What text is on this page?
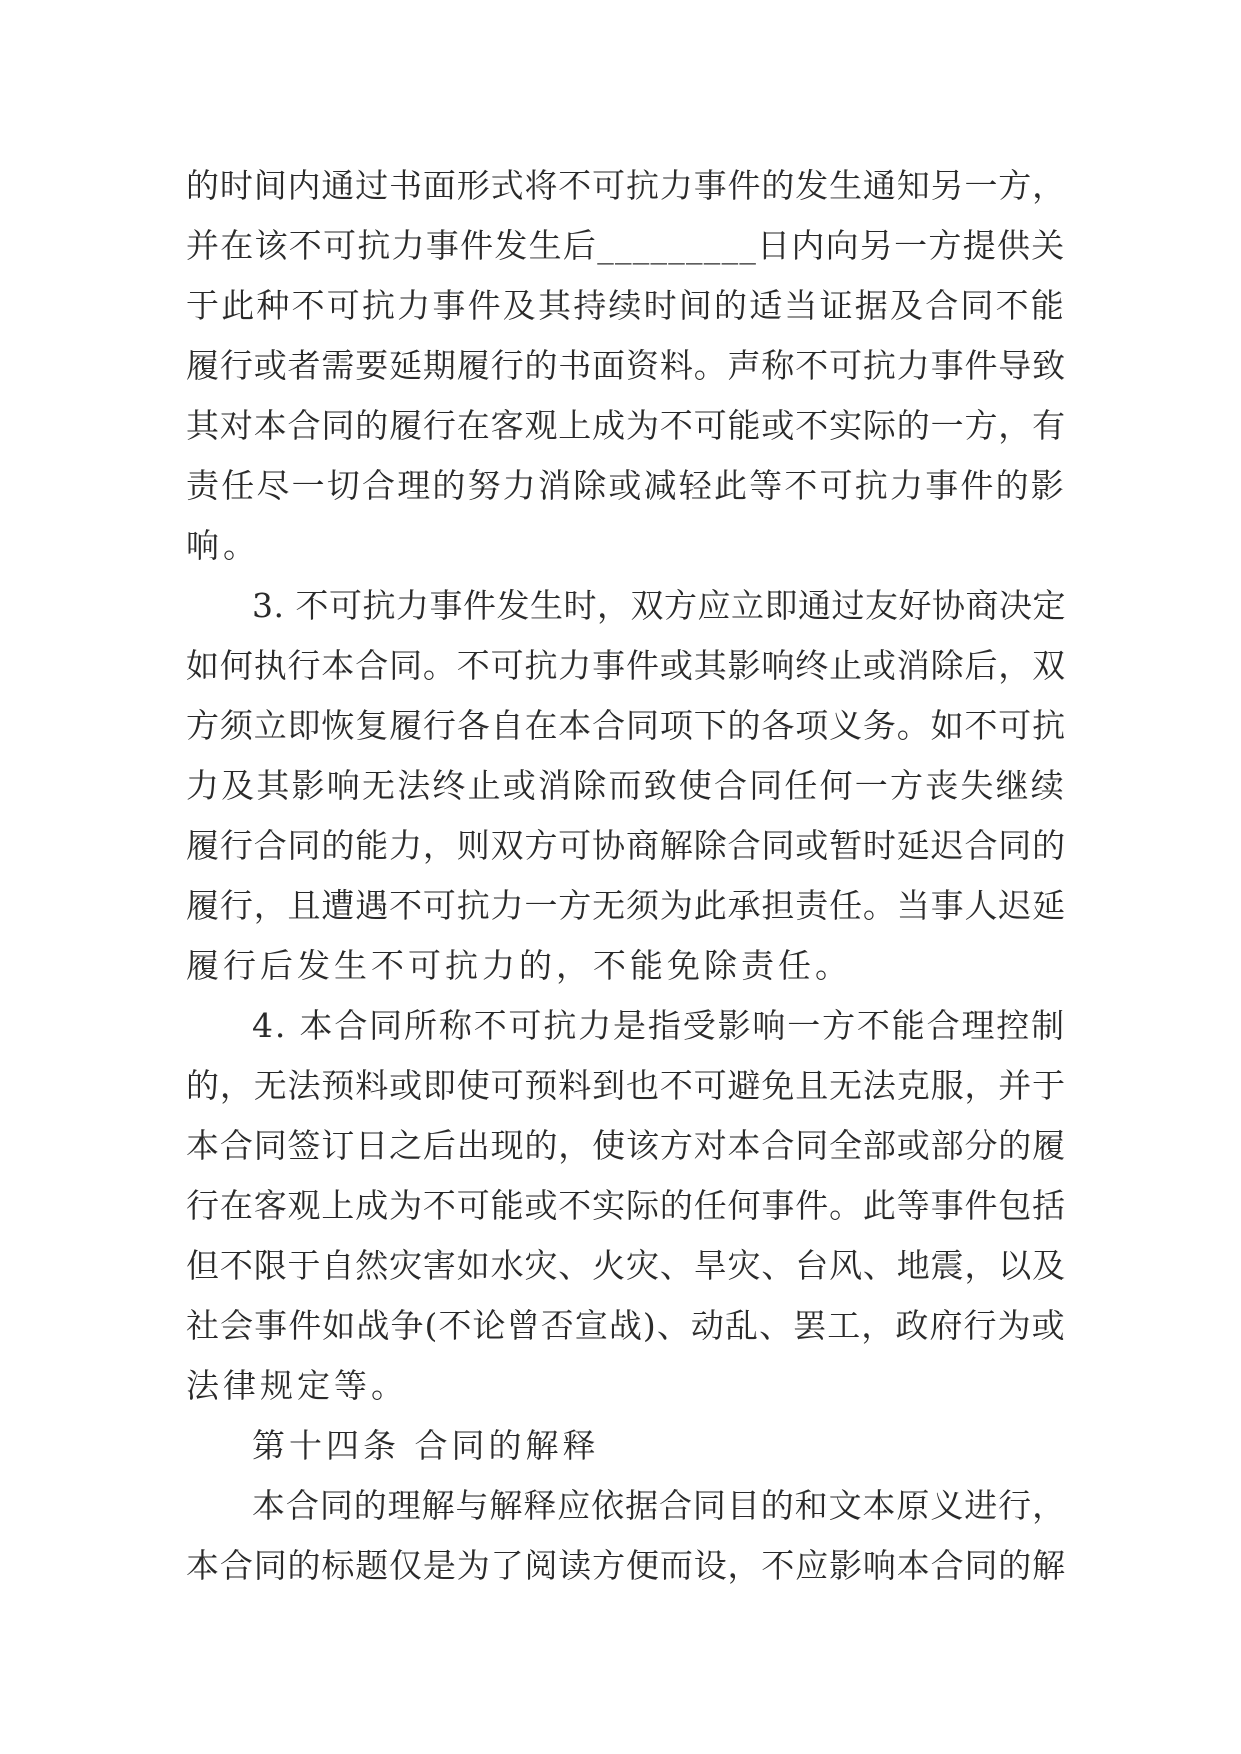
的时间内通过书面形式将不可抗力事件的发生通知另一方，
并在该不可抗力事件发生后_________日内向另一方提供关
于此种不可抗力事件及其持续时间的适当证据及合同不能
履行或者需要延期履行的书面资料。声称不可抗力事件导致
其对本合同的履行在客观上成为不可能或不实际的一方，有
责任尽一切合理的努力消除或减轻此等不可抗力事件的影
响。
3. 不可抗力事件发生时，双方应立即通过友好协商决定
如何执行本合同。不可抗力事件或其影响终止或消除后，双
方须立即恢复履行各自在本合同项下的各项义务。如不可抗
力及其影响无法终止或消除而致使合同任何一方丧失继续
履行合同的能力，则双方可协商解除合同或暂时延迟合同的
履行，且遭遇不可抗力一方无须为此承担责任。当事人迟延
履行后发生不可抗力的，不能免除责任。
4. 本合同所称不可抗力是指受影响一方不能合理控制
的，无法预料或即使可预料到也不可避免且无法克服，并于
本合同签订日之后出现的，使该方对本合同全部或部分的履
行在客观上成为不可能或不实际的任何事件。此等事件包括
但不限于自然灾害如水灾、火灾、旱灾、台风、地震，以及
社会事件如战争(不论曾否宣战)、动乱、罢工，政府行为或
法律规定等。
第十四条 合同的解释
本合同的理解与解释应依据合同目的和文本原义进行，
本合同的标题仅是为了阅读方便而设，不应影响本合同的解
